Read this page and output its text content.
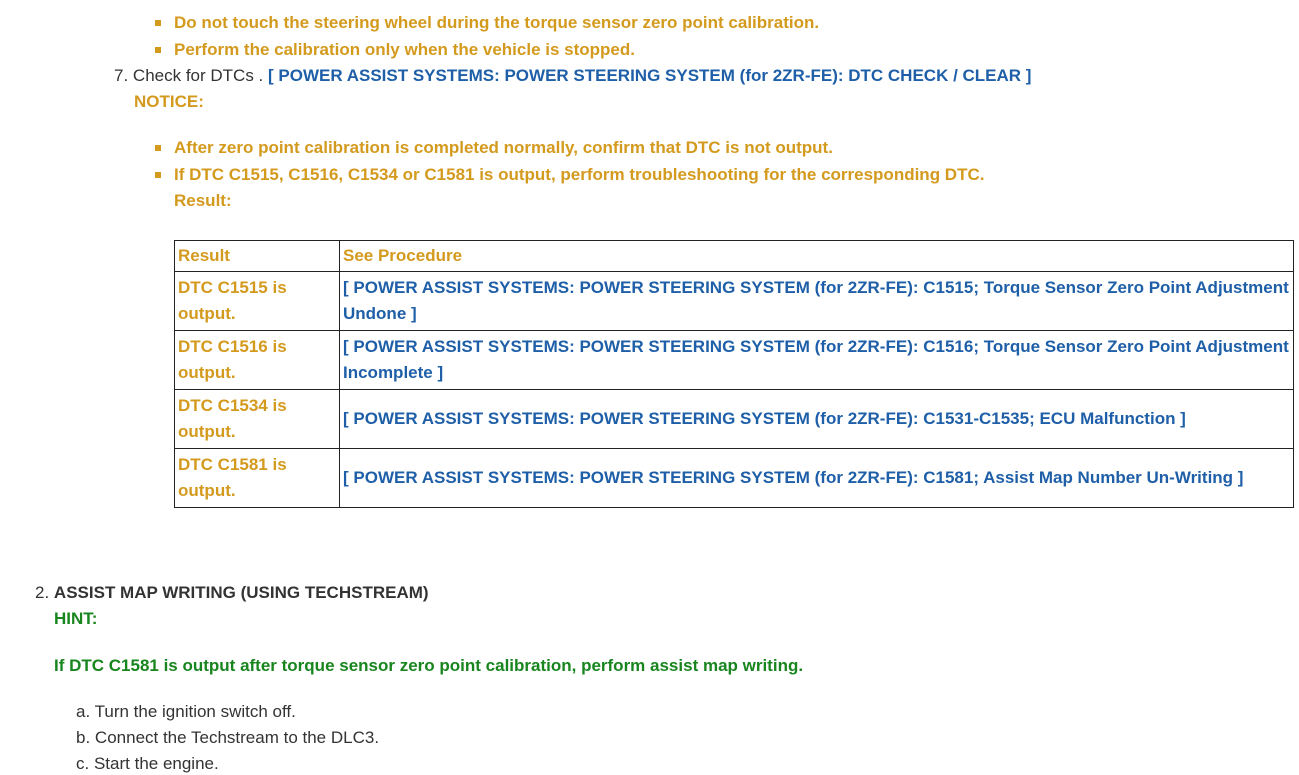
Do not touch the steering wheel during the torque sensor zero point calibration.
Perform the calibration only when the vehicle is stopped.
7. Check for DTCs . [ POWER ASSIST SYSTEMS: POWER STEERING SYSTEM (for 2ZR-FE): DTC CHECK / CLEAR ]
NOTICE:
After zero point calibration is completed normally, confirm that DTC is not output.
If DTC C1515, C1516, C1534 or C1581 is output, perform troubleshooting for the corresponding DTC.
Result:
Result	See Procedure
DTC C1515 is output.	[ POWER ASSIST SYSTEMS: POWER STEERING SYSTEM (for 2ZR-FE): C1515; Torque Sensor Zero Point Adjustment Undone ]
DTC C1516 is output.	[ POWER ASSIST SYSTEMS: POWER STEERING SYSTEM (for 2ZR-FE): C1516; Torque Sensor Zero Point Adjustment Incomplete ]
DTC C1534 is output.	[ POWER ASSIST SYSTEMS: POWER STEERING SYSTEM (for 2ZR-FE): C1531-C1535; ECU Malfunction ]
DTC C1581 is output.	[ POWER ASSIST SYSTEMS: POWER STEERING SYSTEM (for 2ZR-FE): C1581; Assist Map Number Un-Writing ]
2. ASSIST MAP WRITING (USING TECHSTREAM)
HINT:
If DTC C1581 is output after torque sensor zero point calibration, perform assist map writing.
a. Turn the ignition switch off.
b. Connect the Techstream to the DLC3.
c. Start the engine.
